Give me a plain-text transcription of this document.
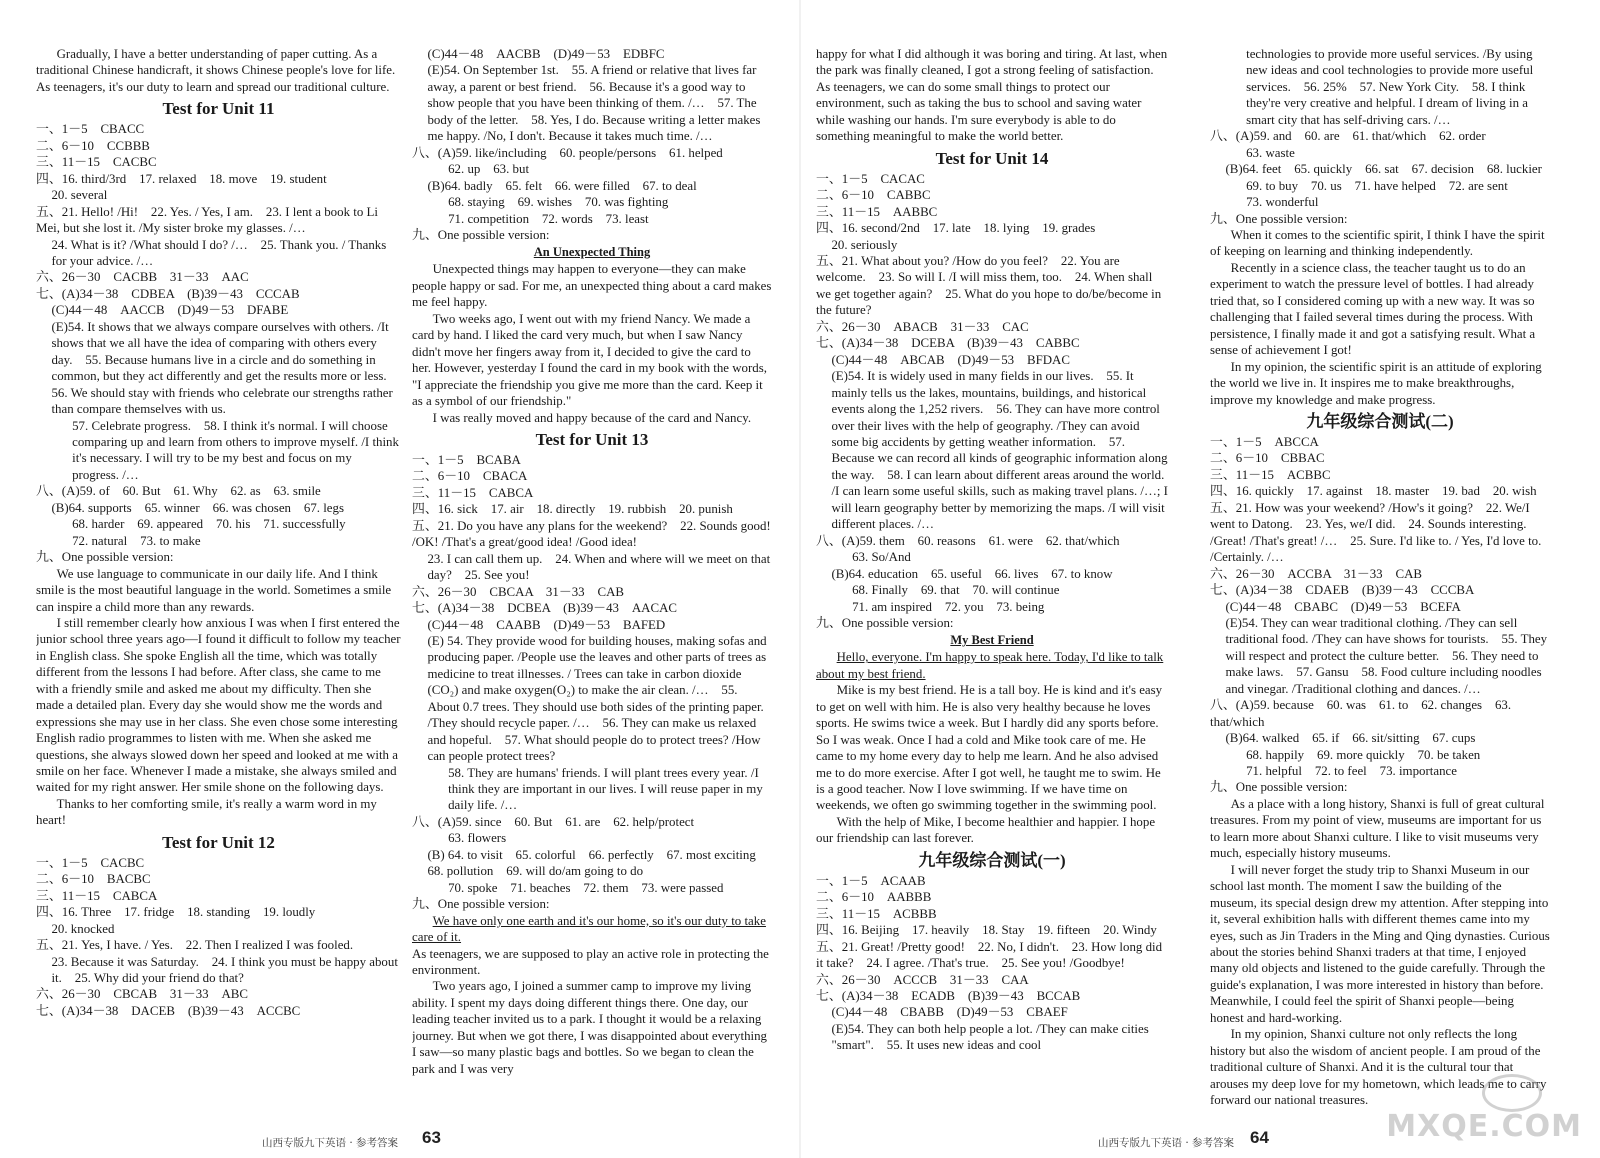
Gradually, I have a better understanding of paper cutting. As a traditional Chinese handicraft, it shows Chinese people's love for life. As teenagers, it's our duty to learn and spread our traditional culture.

Test for Unit 11

一、1－5　CBACC

二、6－10　CCBBB

三、11－15　CACBC

四、16. third/3rd　17. relaxed　18. move　19. student

20. several

五、21. Hello! /Hi!　22. Yes. / Yes, I am.　23. I lent a book to Li Mei, but she lost it. /My sister broke my glasses. /…

24. What is it? /What should I do? /…　25. Thank you. / Thanks for your advice. /…

六、26－30　CACBB　31－33　AAC

七、(A)34－38　CDBEA　(B)39－43　CCCAB

(C)44－48　AACCB　(D)49－53　DFABE

(E)54. It shows that we always compare ourselves with others. /It shows that we all have the idea of comparing with others every day.　55. Because humans live in a circle and do something in common, but they act differently and get the results more or less.　56. We should stay with friends who celebrate our strengths rather than compare themselves with us.

57. Celebrate progress.　58. I think it's normal. I will choose comparing up and learn from others to improve myself. /I think it's necessary. I will try to be my best and focus on my progress. /…

八、(A)59. of　60. But　61. Why　62. as　63. smile

(B)64. supports　65. winner　66. was chosen　67. legs

68. harder　69. appeared　70. his　71. successfully

72. natural　73. to make

九、One possible version:

We use language to communicate in our daily life. And I think smile is the most beautiful language in the world. Sometimes a smile can inspire a child more than any rewards.

I still remember clearly how anxious I was when I first entered the junior school three years ago—I found it difficult to follow my teacher in English class. She spoke English all the time, which was totally different from the lessons I had before. After class, she came to me with a friendly smile and asked me about my difficulty. Then she made a detailed plan. Every day she would show me the words and expressions she may use in her class. She even chose some interesting English radio programmes to listen with me. When she asked me questions, she always slowed down her speed and looked at me with a smile on her face. Whenever I made a mistake, she always smiled and waited for my right answer. Her smile shone on the following days.

Thanks to her comforting smile, it's really a warm word in my heart!

Test for Unit 12

一、1－5　CACBC

二、6－10　BACBC

三、11－15　CABCA

四、16. Three　17. fridge　18. standing　19. loudly

20. knocked

五、21. Yes, I have. / Yes.　22. Then I realized I was fooled.

23. Because it was Saturday.　24. I think you must be happy about it.　25. Why did your friend do that?

六、26－30　CBCAB　31－33　ABC

七、(A)34－38　DACEB　(B)39－43　ACCBC

(C)44－48　AACBB　(D)49－53　EDBFC

(E)54. On September 1st.　55. A friend or relative that lives far away, a parent or best friend.　56. Because it's a good way to show people that you have been thinking of them. /…　57. The body of the letter.　58. Yes, I do. Because writing a letter makes me happy. /No, I don't. Because it takes much time. /…

八、(A)59. like/including　60. people/persons　61. helped

62. up　63. but

(B)64. badly　65. felt　66. were filled　67. to deal

68. staying　69. wishes　70. was fighting

71. competition　72. words　73. least

九、One possible version:

An Unexpected Thing

Unexpected things may happen to everyone—they can make people happy or sad. For me, an unexpected thing about a card makes me feel happy.

Two weeks ago, I went out with my friend Nancy. We made a card by hand. I liked the card very much, but when I saw Nancy didn't move her fingers away from it, I decided to give the card to her. However, yesterday I found the card in my book with the words, "I appreciate the friendship you give me more than the card. Keep it as a symbol of our friendship."

I was really moved and happy because of the card and Nancy.

Test for Unit 13

一、1－5　BCABA

二、6－10　CBACA

三、11－15　CABCA

四、16. sick　17. air　18. directly　19. rubbish　20. punish

五、21. Do you have any plans for the weekend?　22. Sounds good! /OK! /That's a great/good idea! /Good idea!

23. I can call them up.　24. When and where will we meet on that day?　25. See you!

六、26－30　CBCAA　31－33　CAB

七、(A)34－38　DCBEA　(B)39－43　AACAC

(C)44－48　CAABB　(D)49－53　BAFED

(E) 54. They provide wood for building houses, making sofas and producing paper. /People use the leaves and other parts of trees as medicine to treat illnesses. / Trees can take in carbon dioxide (CO₂) and make oxygen(O₂) to make the air clean. /…　55. About 0.7 trees. They should use both sides of the printing paper. /They should recycle paper. /…　56. They can make us relaxed and hopeful.　57. What should people do to protect trees? /How can people protect trees?

58. They are humans' friends. I will plant trees every year. /I think they are important in our lives. I will reuse paper in my daily life. /…

八、(A)59. since　60. But　61. are　62. help/protect

63. flowers

(B) 64. to visit　65. colorful　66. perfectly　67. most exciting　68. pollution　69. will do/am going to do

70. spoke　71. beaches　72. them　73. were passed

九、One possible version:

We have only one earth and it's our home, so it's our duty to take care of it.

As teenagers, we are supposed to play an active role in protecting the environment.

Two years ago, I joined a summer camp to improve my living ability. I spent my days doing different things there. One day, our leading teacher invited us to a park. I thought it would be a relaxing journey. But when we got there, I was disappointed about everything I saw—so many plastic bags and bottles. So we began to clean the park and I was very

山西专版九下英语 · 参考答案 63

happy for what I did although it was boring and tiring. At last, when the park was finally cleaned, I got a strong feeling of satisfaction. As teenagers, we can do some small things to protect our environment, such as taking the bus to school and saving water while washing our hands. I'm sure everybody is able to do something meaningful to make the world better.

Test for Unit 14

一、1－5　CACAC

二、6－10　CABBC

三、11－15　AABBC

四、16. second/2nd　17. late　18. lying　19. grades

20. seriously

五、21. What about you? /How do you feel?　22. You are welcome.　23. So will I. /I will miss them, too.　24. When shall we get together again?　25. What do you hope to do/be/become in the future?

六、26－30　ABACB　31－33　CAC

七、(A)34－38　DCEBA　(B)39－43　CABBC

(C)44－48　ABCAB　(D)49－53　BFDAC

(E)54. It is widely used in many fields in our lives.　55. It mainly tells us the lakes, mountains, buildings, and historical events along the 1,252 rivers.　56. They can have more control over their lives with the help of geography. /They can avoid some big accidents by getting weather information.　57. Because we can record all kinds of geographic information along the way.　58. I can learn about different areas around the world. /I can learn some useful skills, such as making travel plans. /…; I will learn geography better by memorizing the maps. /I will visit different places. /…

八、(A)59. them　60. reasons　61. were　62. that/which

63. So/And

(B)64. education　65. useful　66. lives　67. to know

68. Finally　69. that　70. will continue

71. am inspired　72. you　73. being

九、One possible version:

My Best Friend

Hello, everyone. I'm happy to speak here. Today, I'd like to talk about my best friend.

Mike is my best friend. He is a tall boy. He is kind and it's easy to get on well with him. He is also very healthy because he loves sports. He swims twice a week. But I hardly did any sports before. So I was weak. Once I had a cold and Mike took care of me. He came to my home every day to help me learn. And he also advised me to do more exercise. After I got well, he taught me to swim. He is a good teacher. Now I love swimming. If we have time on weekends, we often go swimming together in the swimming pool.

With the help of Mike, I become healthier and happier. I hope our friendship can last forever.

九年级综合测试(一)

一、1－5　ACAAB

二、6－10　AABBB

三、11－15　ACBBB

四、16. Beijing　17. heavily　18. Stay　19. fifteen　20. Windy

五、21. Great! /Pretty good!　22. No, I didn't.　23. How long did it take?　24. I agree. /That's true.　25. See you! /Goodbye!

六、26－30　ACCCB　31－33　CAA

七、(A)34－38　ECADB　(B)39－43　BCCAB

(C)44－48　CBABB　(D)49－53　CBAEF

(E)54. They can both help people a lot. /They can make cities "smart".　55. It uses new ideas and cool

technologies to provide more useful services. /By using new ideas and cool technologies to provide more useful services.　56. 25%　57. New York City.　58. I think they're very creative and helpful. I dream of living in a smart city that has self-driving cars. /…

八、(A)59. and　60. are　61. that/which　62. order

63. waste

(B)64. feet　65. quickly　66. sat　67. decision　68. luckier

69. to buy　70. us　71. have helped　72. are sent

73. wonderful

九、One possible version:

When it comes to the scientific spirit, I think I have the spirit of keeping on learning and thinking independently.

Recently in a science class, the teacher taught us to do an experiment to watch the pressure level of bottles. I had already tried that, so I considered coming up with a new way. It was so challenging that I failed several times during the process. With persistence, I finally made it and got a satisfying result. What a sense of achievement I got!

In my opinion, the scientific spirit is an attitude of exploring the world we live in. It inspires me to make breakthroughs, improve my knowledge and make progress.

九年级综合测试(二)

一、1－5　ABCCA

二、6－10　CBBAC

三、11－15　ACBBC

四、16. quickly　17. against　18. master　19. bad　20. wish

五、21. How was your weekend? /How's it going?　22. We/I went to Datong.　23. Yes, we/I did.　24. Sounds interesting. /Great! /That's great! /…　25. Sure. I'd like to. / Yes, I'd love to. /Certainly. /…

六、26－30　ACCBA　31－33　CAB

七、(A)34－38　CDAEB　(B)39－43　CCCBA

(C)44－48　CBABC　(D)49－53　BCEFA

(E)54. They can wear traditional clothing. /They can sell traditional food. /They can have shows for tourists.　55. They will respect and protect the culture better.　56. They need to make laws.　57. Gansu　58. Food culture including noodles and vinegar. /Traditional clothing and dances. /…

八、(A)59. because　60. was　61. to　62. changes　63. that/which

(B)64. walked　65. if　66. sit/sitting　67. cups

68. happily　69. more quickly　70. be taken

71. helpful　72. to feel　73. importance

九、One possible version:

As a place with a long history, Shanxi is full of great cultural treasures. From my point of view, museums are important for us to learn more about Shanxi culture. I like to visit museums very much, especially history museums.

I will never forget the study trip to Shanxi Museum in our school last month. The moment I saw the building of the museum, its special design drew my attention. After stepping into it, several exhibition halls with different themes came into my eyes, such as Jin Traders in the Ming and Qing dynasties. Curious about the stories behind Shanxi traders at that time, I enjoyed many old objects and listened to the guide carefully. Through the guide's explanation, I was more interested in history than before. Meanwhile, I could feel the spirit of Shanxi people—being honest and hard-working.

In my opinion, Shanxi culture not only reflects the long history but also the wisdom of ancient people. I am proud of the traditional culture of Shanxi. And it is the cultural tour that arouses my deep love for my hometown, which leads me to carry forward our national treasures.

山西专版九下英语 · 参考答案 64	MXQE.COM
